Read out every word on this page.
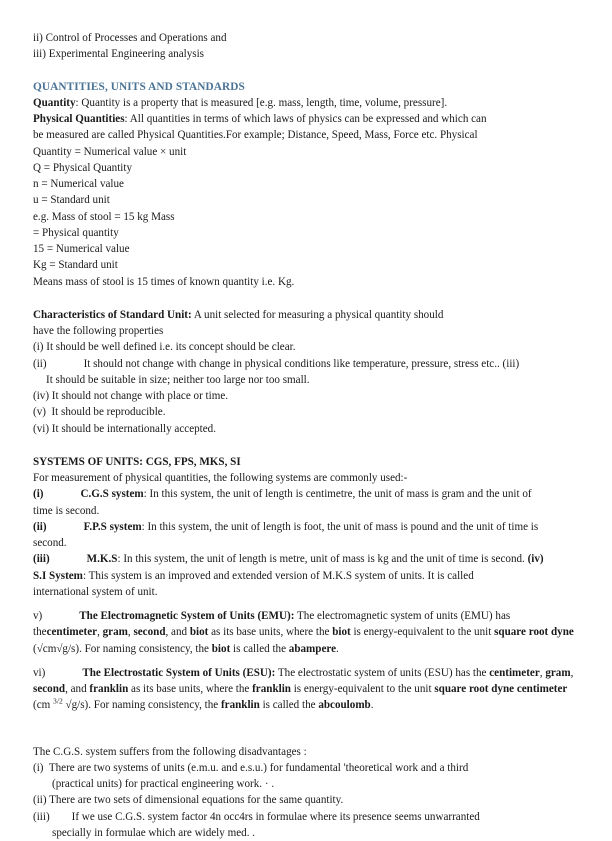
ii) Control of Processes and Operations and

iii) Experimental Engineering analysis

QUANTITIES, UNITS AND STANDARDS

Quantity: Quantity is a property that is measured [e.g. mass, length, time, volume, pressure].

Physical Quantities: All quantities in terms of which laws of physics can be expressed and which can

be measured are called Physical Quantities.For example; Distance, Speed, Mass, Force etc. Physical

Quantity = Numerical value × unit

Q = Physical Quantity

n = Numerical value

u = Standard unit

e.g. Mass of stool = 15 kg Mass

= Physical quantity

15 = Numerical value

Kg = Standard unit

Means mass of stool is 15 times of known quantity i.e. Kg.

Characteristics of Standard Unit: A unit selected for measuring a physical quantity should

have the following properties

(i) It should be well defined i.e. its concept should be clear.

(ii)	It should not change with change in physical conditions like temperature, pressure, stress etc.. (iii)

It should be suitable in size; neither too large nor too small.

(iv) It should not change with place or time.

(v)  It should be reproducible.

(vi) It should be internationally accepted.

SYSTEMS OF UNITS: CGS, FPS, MKS, SI

For measurement of physical quantities, the following systems are commonly used:-

(i)	C.G.S system: In this system, the unit of length is centimetre, the unit of mass is gram and the unit of

time is second.

(ii)	F.P.S system: In this system, the unit of length is foot, the unit of mass is pound and the unit of time is

second.

(iii)	M.K.S: In this system, the unit of length is metre, unit of mass is kg and the unit of time is second. (iv)

S.I System: This system is an improved and extended version of M.K.S system of units. It is called

international system of unit.

v)	The Electromagnetic System of Units (EMU): The electromagnetic system of units (EMU) has thecentimeter, gram, second, and biot as its base units, where the biot is energy-equivalent to the unit square root dyne (√cm√g/s). For naming consistency, the biot is called the abampere.

vi)	The Electrostatic System of Units (ESU): The electrostatic system of units (ESU) has the centimeter, gram, second, and franklin as its base units, where the franklin is energy-equivalent to the unit square root dyne centimeter (cm $^{3/2}$ √g/s). For naming consistency, the franklin is called the abcoulomb.

The C.G.S. system suffers from the following disadvantages :

(i)  There are two systems of units (e.m.u. and e.s.u.) for fundamental 'theoretical work and a third

(practical units) for practical engineering work. · .

(ii) There are two sets of dimensional equations for the same quantity.

(iii) If we use C.G.S. system factor 4n occ4rs in formulae where its presence seems unwarranted

specially in formulae which are widely med. .
